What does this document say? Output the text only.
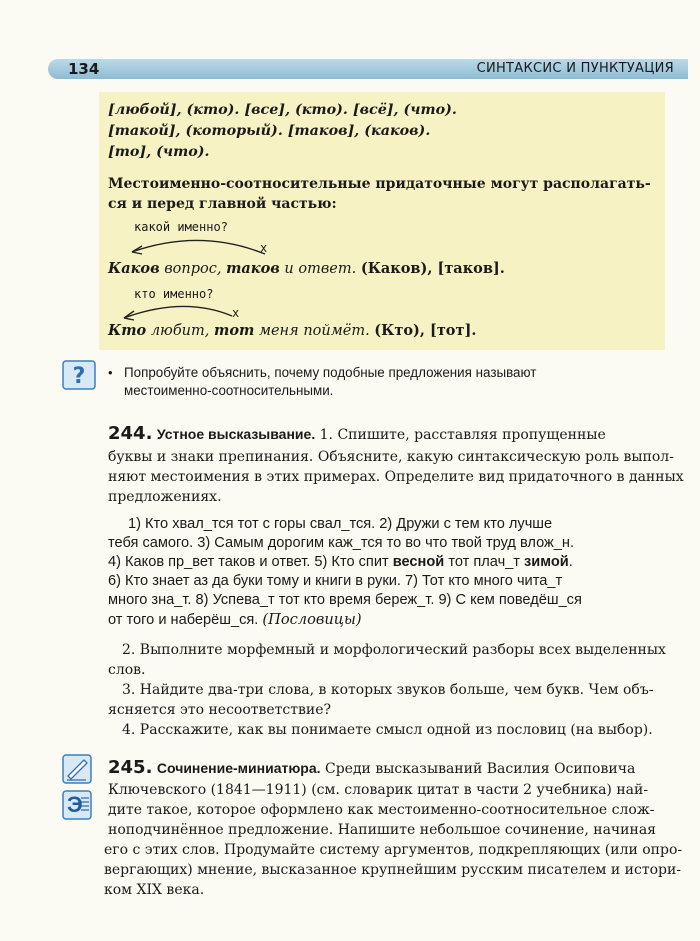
134	СИНТАКСИС И ПУНКТУАЦИЯ
[любой], (кто). [все], (кто). [всё], (что).
[такой], (который). [таков], (каков).
[то], (что).
Местоименно-соотносительные придаточные могут располагать-
ся и перед главной частью:
какой именно?
x
Каков вопрос, таков и ответ. (Каков), [таков].
кто именно?
x
Кто любит, тот меня поймёт. (Кто), [тот].
? • Попробуйте объяснить, почему подобные предложения называют
местоименно-соотносительными.
244. Устное высказывание. 1. Спишите, расставляя пропущенные
буквы и знаки препинания. Объясните, какую синтаксическую роль выпол-
няют местоимения в этих примерах. Определите вид придаточного в данных
предложениях.
1) Кто хвал_тся тот с горы свал_тся. 2) Дружи с тем кто лучше
тебя самого. 3) Самым дорогим каж_тся то во что твой труд влож_н.
4) Каков пр_вет таков и ответ. 5) Кто спит весной тот плач_т зимой.
6) Кто знает аз да буки тому и книги в руки. 7) Тот кто много чита_т
много зна_т. 8) Успева_т тот кто время береж_т. 9) С кем поведёш_ся
от того и наберёш_ся. (Пословицы)
2. Выполните морфемный и морфологический разборы всех выделенных
слов.
3. Найдите два-три слова, в которых звуков больше, чем букв. Чем объ-
ясняется это несоответствие?
4. Расскажите, как вы понимаете смысл одной из пословиц (на выбор).
Э
245. Сочинение-миниатюра. Среди высказываний Василия Осиповича
Ключевского (1841—1911) (см. словарик цитат в части 2 учебника) най-
дите такое, которое оформлено как местоименно-соотносительное слож-
ноподчинённое предложение. Напишите небольшое сочинение, начиная
его с этих слов. Продумайте систему аргументов, подкрепляющих (или опро-
вергающих) мнение, высказанное крупнейшим русским писателем и истори-
ком XIX века.
